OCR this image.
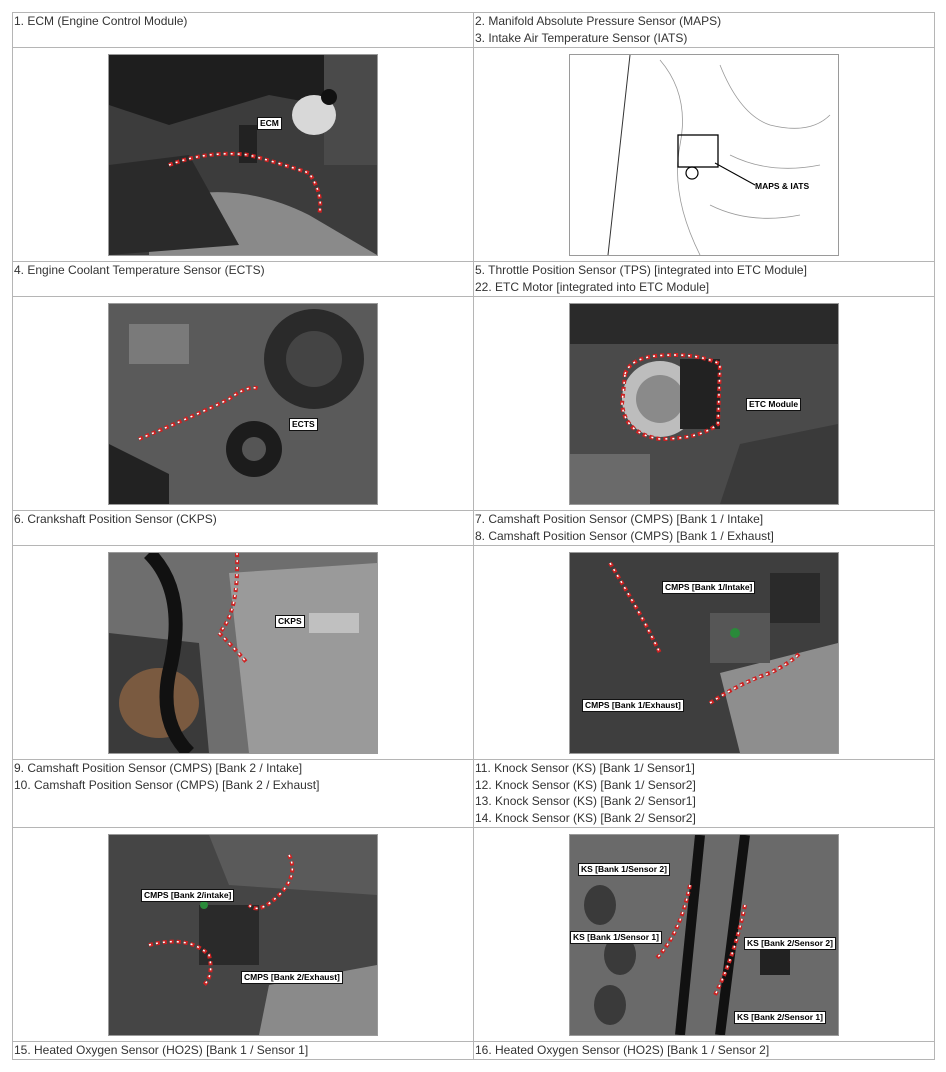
1. ECM (Engine Control Module)	2. Manifold Absolute Pressure Sensor (MAPS)
3. Intake Air Temperature Sensor (IATS)

ECM	MAPS & IATS

4. Engine Coolant Temperature Sensor (ECTS)	5. Throttle Position Sensor (TPS) [integrated into ETC Module]
22. ETC Motor [integrated into ETC Module]

ECTS	ETC Module

6. Crankshaft Position Sensor (CKPS)	7. Camshaft Position Sensor (CMPS) [Bank 1 / Intake]
8. Camshaft Position Sensor (CMPS) [Bank 1 / Exhaust]

CKPS	CMPS [Bank 1/Intake]
CMPS [Bank 1/Exhaust]

9. Camshaft Position Sensor (CMPS) [Bank 2 / Intake]
10. Camshaft Position Sensor (CMPS) [Bank 2 / Exhaust]	11. Knock Sensor (KS) [Bank 1/ Sensor1]
12. Knock Sensor (KS) [Bank 1/ Sensor2]
13. Knock Sensor (KS) [Bank 2/ Sensor1]
14. Knock Sensor (KS) [Bank 2/ Sensor2]

CMPS [Bank 2/intake]
CMPS [Bank 2/Exhaust]	KS [Bank 1/Sensor 2]
KS [Bank 1/Sensor 1]
KS [Bank 2/Sensor 2]
KS [Bank 2/Sensor 1]

15. Heated Oxygen Sensor (HO2S) [Bank 1 / Sensor 1]	16. Heated Oxygen Sensor (HO2S) [Bank 1 / Sensor 2]
